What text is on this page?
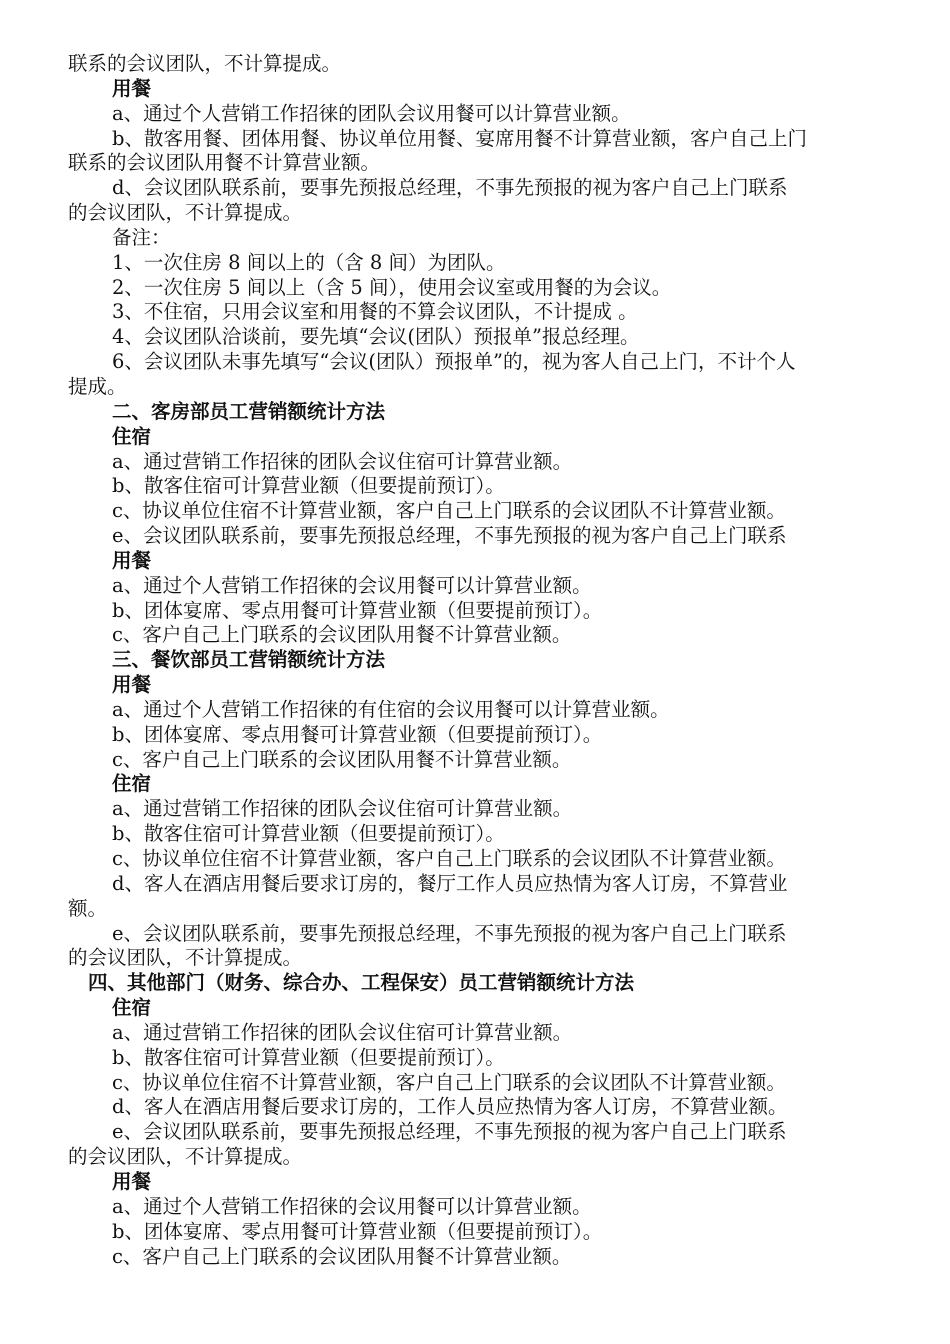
联系的会议团队，不计算提成。
用餐
a、通过个人营销工作招徕的团队会议用餐可以计算营业额。
b、散客用餐、团体用餐、协议单位用餐、宴席用餐不计算营业额，客户自己上门
联系的会议团队用餐不计算营业额。
d、会议团队联系前，要事先预报总经理，不事先预报的视为客户自己上门联系
的会议团队，不计算提成。
备注：
1、一次住房 8 间以上的（含 8 间）为团队。
2、一次住房 5 间以上（含 5 间），使用会议室或用餐的为会议。
3、不住宿，只用会议室和用餐的不算会议团队，不计提成 。
4、会议团队洽谈前，要先填“会议(团队）预报单”报总经理。
6、会议团队未事先填写“会议(团队）预报单”的，视为客人自己上门，不计个人
提成。
二、客房部员工营销额统计方法
住宿
a、通过营销工作招徕的团队会议住宿可计算营业额。
b、散客住宿可计算营业额（但要提前预订）。
c、协议单位住宿不计算营业额，客户自己上门联系的会议团队不计算营业额。
e、会议团队联系前，要事先预报总经理，不事先预报的视为客户自己上门联系
用餐
a、通过个人营销工作招徕的会议用餐可以计算营业额。
b、团体宴席、零点用餐可计算营业额（但要提前预订）。
c、客户自己上门联系的会议团队用餐不计算营业额。
三、餐饮部员工营销额统计方法
用餐
a、通过个人营销工作招徕的有住宿的会议用餐可以计算营业额。
b、团体宴席、零点用餐可计算营业额（但要提前预订）。
c、客户自己上门联系的会议团队用餐不计算营业额。
住宿
a、通过营销工作招徕的团队会议住宿可计算营业额。
b、散客住宿可计算营业额（但要提前预订）。
c、协议单位住宿不计算营业额，客户自己上门联系的会议团队不计算营业额。
d、客人在酒店用餐后要求订房的，餐厅工作人员应热情为客人订房，不算营业
额。
e、会议团队联系前，要事先预报总经理，不事先预报的视为客户自己上门联系
的会议团队，不计算提成。
四、其他部门（财务、综合办、工程保安）员工营销额统计方法
住宿
a、通过营销工作招徕的团队会议住宿可计算营业额。
b、散客住宿可计算营业额（但要提前预订）。
c、协议单位住宿不计算营业额，客户自己上门联系的会议团队不计算营业额。
d、客人在酒店用餐后要求订房的，工作人员应热情为客人订房，不算营业额。
e、会议团队联系前，要事先预报总经理，不事先预报的视为客户自己上门联系
的会议团队，不计算提成。
用餐
a、通过个人营销工作招徕的会议用餐可以计算营业额。
b、团体宴席、零点用餐可计算营业额（但要提前预订）。
c、客户自己上门联系的会议团队用餐不计算营业额。
